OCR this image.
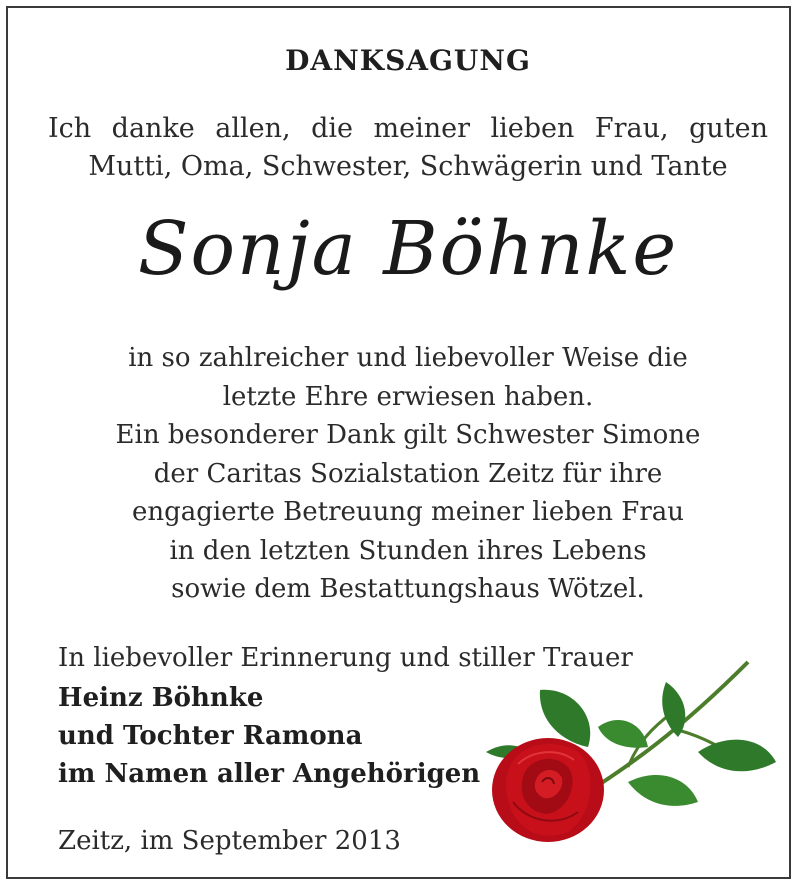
DANKSAGUNG
Ich danke allen, die meiner lieben Frau, guten
Mutti, Oma, Schwester, Schwägerin und Tante
Sonja Böhnke
in so zahlreicher und liebevoller Weise die
letzte Ehre erwiesen haben.
Ein besonderer Dank gilt Schwester Simone
der Caritas Sozialstation Zeitz für ihre
engagierte Betreuung meiner lieben Frau
in den letzten Stunden ihres Lebens
sowie dem Bestattungshaus Wötzel.
In liebevoller Erinnerung und stiller Trauer
Heinz Böhnke
und Tochter Ramona
im Namen aller Angehörigen
Zeitz, im September 2013
